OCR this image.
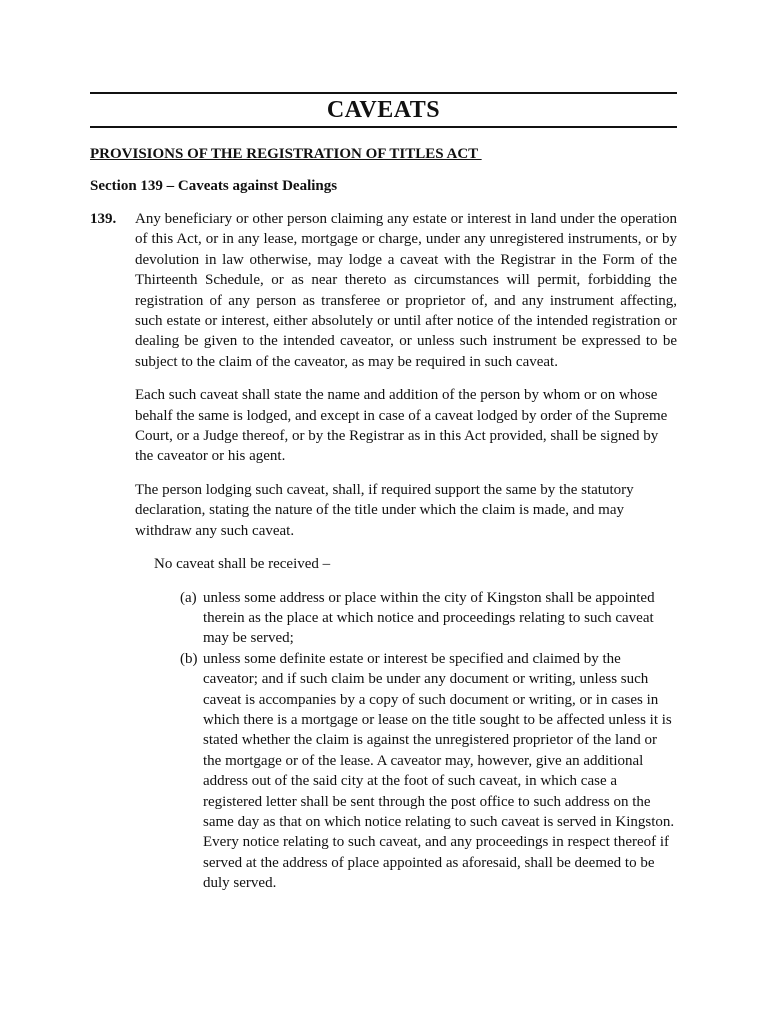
CAVEATS
PROVISIONS OF THE REGISTRATION OF TITLES ACT
Section 139 – Caveats against Dealings
139.	Any beneficiary or other person claiming any estate or interest in land under the operation of this Act, or in any lease, mortgage or charge, under any unregistered instruments, or by devolution in law otherwise, may lodge a caveat with the Registrar in the Form of the Thirteenth Schedule, or as near thereto as circumstances will permit, forbidding the registration of any person as transferee or proprietor of, and any instrument affecting, such estate or interest, either absolutely or until after notice of the intended registration or dealing be given to the intended caveator, or unless such instrument be expressed to be subject to the claim of the caveator, as may be required in such caveat.
Each such caveat shall state the name and addition of the person by whom or on whose behalf the same is lodged, and except in case of a caveat lodged by order of the Supreme Court, or a Judge thereof, or by the Registrar as in this Act provided, shall be signed by the caveator or his agent.
The person lodging such caveat, shall, if required support the same by the statutory declaration, stating the nature of the title under which the claim is made, and may withdraw any such caveat.
No caveat shall be received –
(a) unless some address or place within the city of Kingston shall be appointed therein as the place at which notice and proceedings relating to such caveat may be served;
(b) unless some definite estate or interest be specified and claimed by the caveator; and if such claim be under any document or writing, unless such caveat is accompanies by a copy of such document or writing, or in cases in which there is a mortgage or lease on the title sought to be affected unless it is stated whether the claim is against the unregistered proprietor of the land or the mortgage or of the lease. A caveator may, however, give an additional address out of the said city at the foot of such caveat, in which case a registered letter shall be sent through the post office to such address on the same day as that on which notice relating to such caveat is served in Kingston. Every notice relating to such caveat, and any proceedings in respect thereof if served at the address of place appointed as aforesaid, shall be deemed to be duly served.
